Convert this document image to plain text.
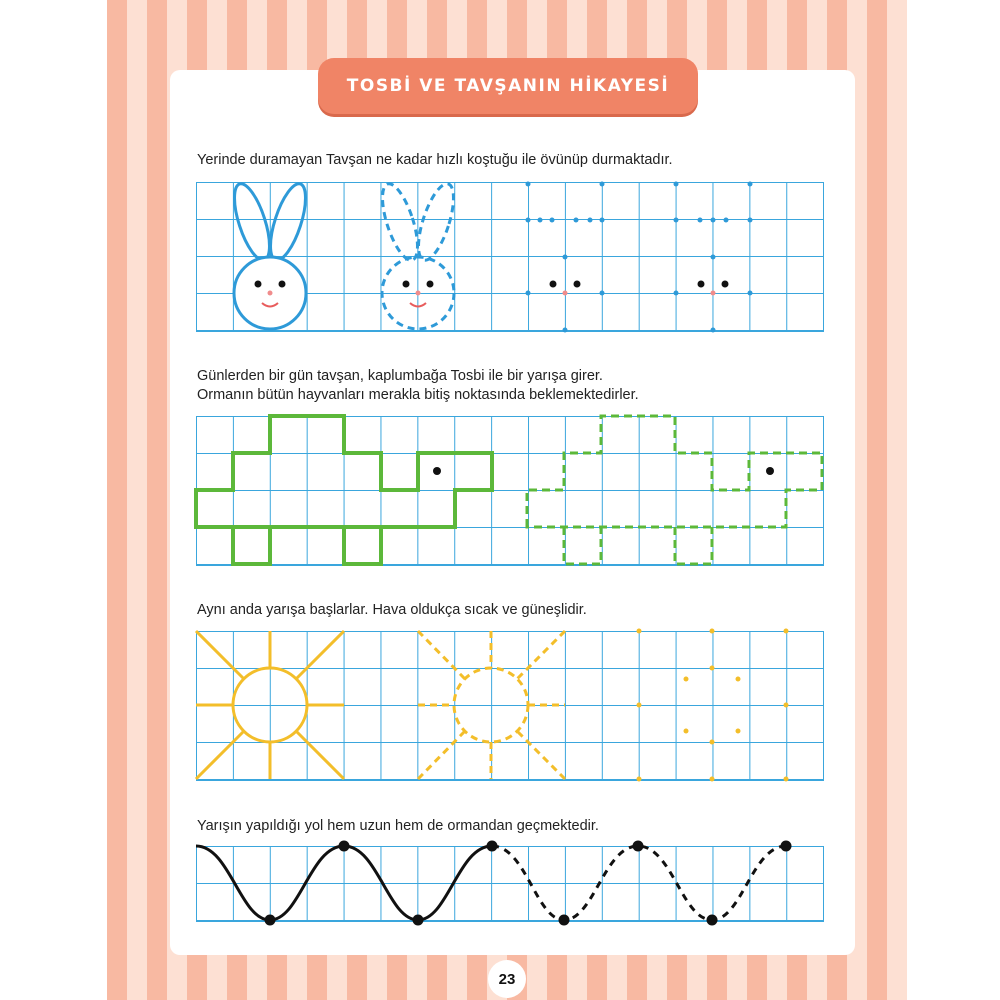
TOSBİ VE TAVŞANIN HİKAYESİ
Yerinde duramayan Tavşan ne kadar hızlı koştuğu ile övünüp durmaktadır.
Günlerden bir gün tavşan, kaplumbağa Tosbi ile bir yarışa girer.
Ormanın bütün hayvanları merakla bitiş noktasında beklemektedirler.
Aynı anda yarışa başlarlar. Hava oldukça sıcak ve güneşlidir.
Yarışın yapıldığı yol hem uzun hem de ormandan geçmektedir.
23
